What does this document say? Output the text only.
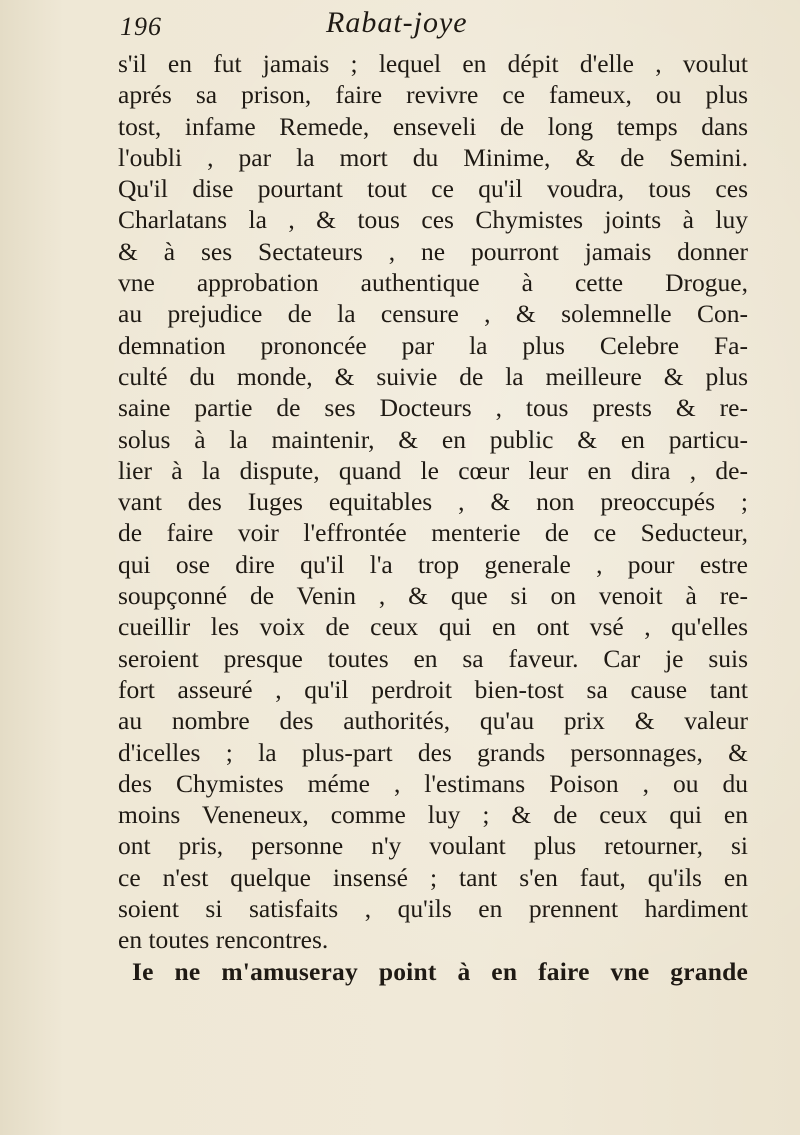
196	Rabat-joye
s'il en fut jamais ; lequel en dépit d'elle , voulut
aprés sa prison, faire revivre ce fameux, ou plus
tost, infame Remede, enseveli de long temps dans
l'oubli , par la mort du Minime, & de Semini.
Qu'il dise pourtant tout ce qu'il voudra, tous ces
Charlatans la , & tous ces Chymistes joints à luy
& à ses Sectateurs , ne pourront jamais donner
vne approbation authentique à cette Drogue,
au prejudice de la censure , & solemnelle Con-
demnation prononcée par la plus Celebre Fa-
culté du monde, & suivie de la meilleure & plus
saine partie de ses Docteurs , tous prests & re-
solus à la maintenir, & en public & en particu-
lier à la dispute, quand le cœur leur en dira , de-
vant des Iuges equitables , & non preoccupés ;
de faire voir l'effrontée menterie de ce Seducteur,
qui ose dire qu'il l'a trop generale , pour estre
soupçonné de Venin , & que si on venoit à re-
cueillir les voix de ceux qui en ont vsé , qu'elles
seroient presque toutes en sa faveur. Car je suis
fort asseuré , qu'il perdroit bien-tost sa cause tant
au nombre des authorités, qu'au prix & valeur
d'icelles ; la plus-part des grands personnages, &
des Chymistes méme , l'estimans Poison , ou du
moins Veneneux, comme luy ; & de ceux qui en
ont pris, personne n'y voulant plus retourner, si
ce n'est quelque insensé ; tant s'en faut, qu'ils en
soient si satisfaits , qu'ils en prennent hardiment
en toutes rencontres.
Ie ne m'amuseray point à en faire vne grande
